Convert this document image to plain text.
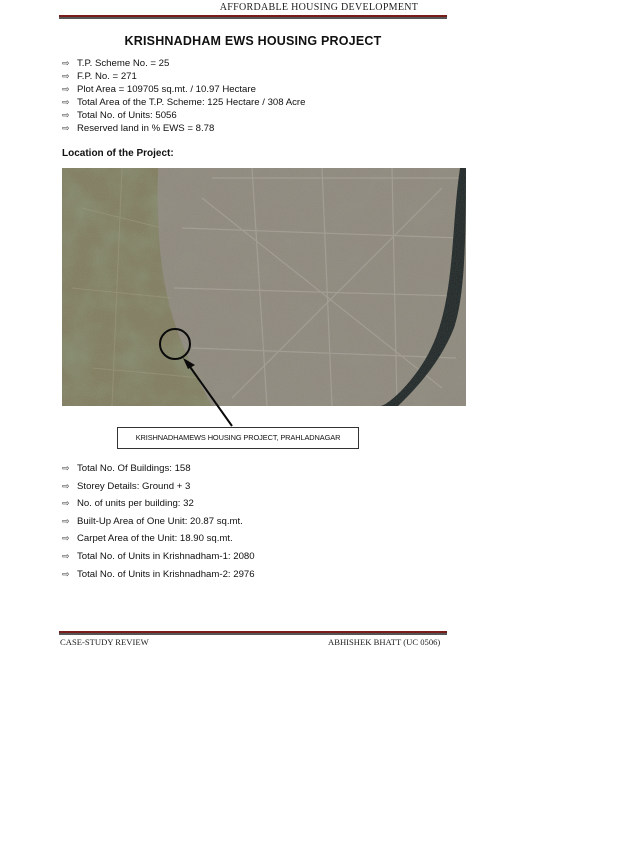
AFFORDABLE HOUSING DEVELOPMENT
KRISHNADHAM EWS HOUSING PROJECT
⇨ T.P. Scheme No. = 25
⇨ F.P. No. = 271
⇨ Plot Area = 109705 sq.mt. / 10.97 Hectare
⇨ Total Area of the T.P. Scheme: 125 Hectare / 308 Acre
⇨ Total No. of Units: 5056
⇨ Reserved land in % EWS = 8.78
Location of the Project:
KRISHNADHAMEWS HOUSING PROJECT, PRAHLADNAGAR
⇨ Total No. Of Buildings: 158
⇨ Storey Details: Ground + 3
⇨ No. of units per building: 32
⇨ Built-Up Area of One Unit: 20.87 sq.mt.
⇨ Carpet Area of the Unit: 18.90 sq.mt.
⇨ Total No. of Units in Krishnadham-1: 2080
⇨ Total No. of Units in Krishnadham-2: 2976
CASE-STUDY REVIEW	ABHISHEK BHATT (UC 0506)
